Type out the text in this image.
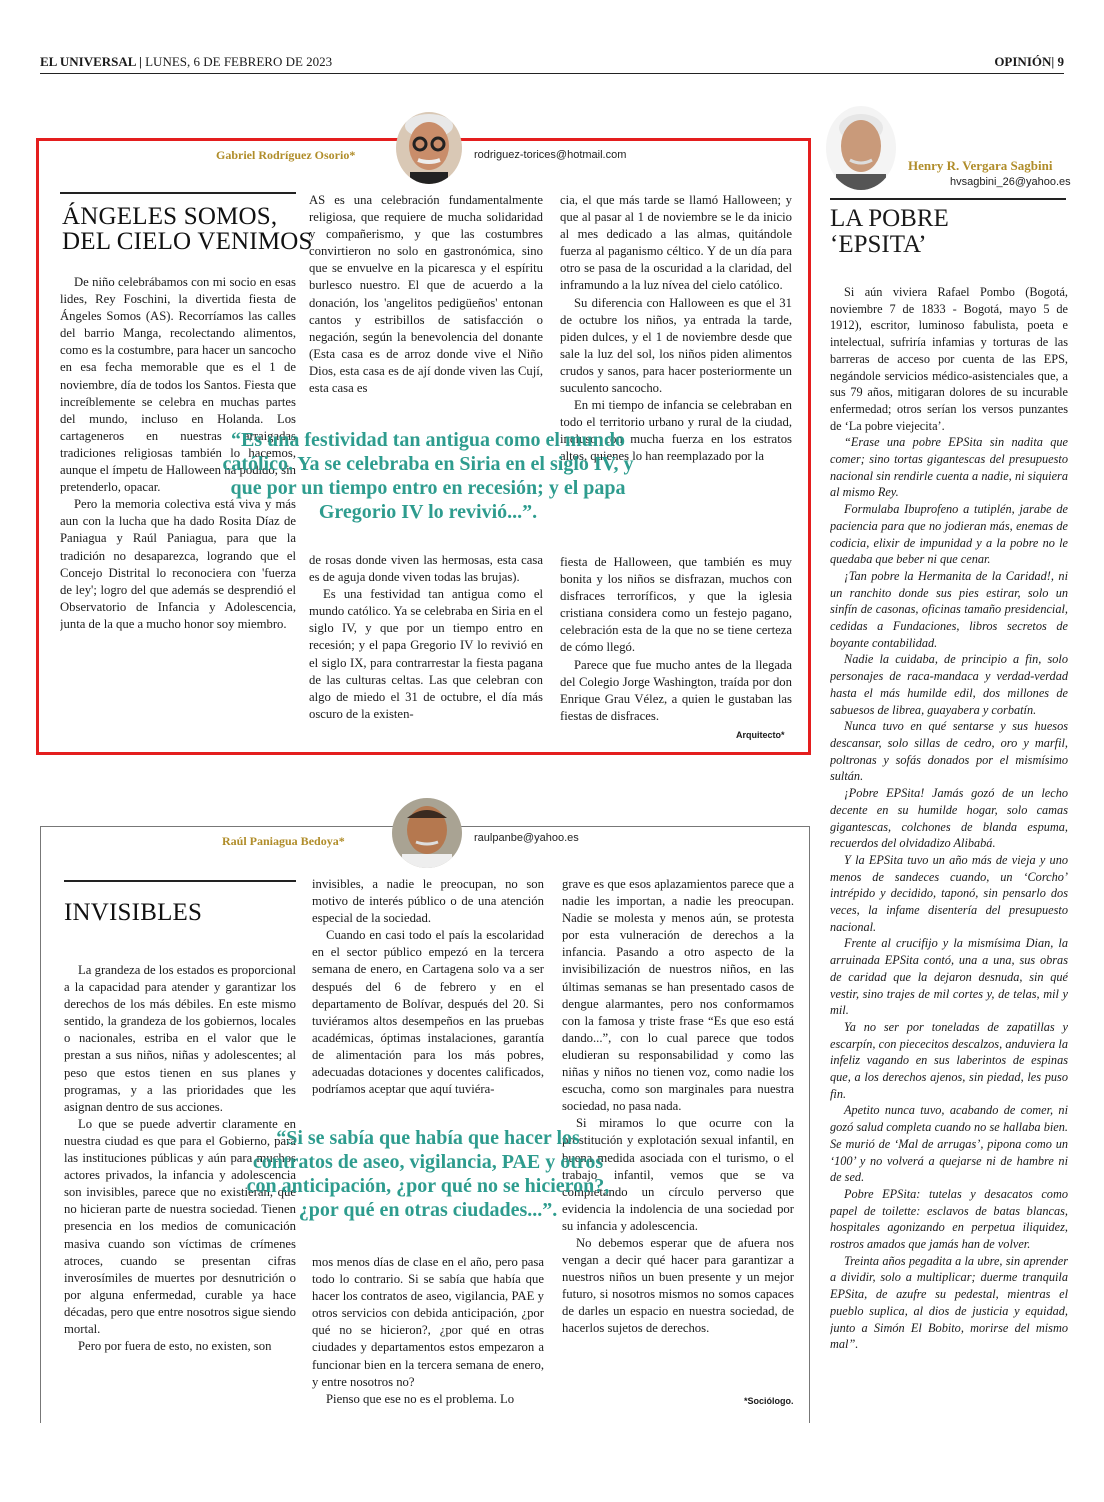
EL UNIVERSAL | LUNES, 6 DE FEBRERO DE 2023	OPINIÓN| 9
Gabriel Rodríguez Osorio*	rodriguez-torices@hotmail.com
ÁNGELES SOMOS,
DEL CIELO VENIMOS

De niño celebrábamos con mi socio en esas lides, Rey Foschini, la divertida fiesta de Ángeles Somos (AS). Recorríamos las calles del barrio Manga, recolectando alimentos, como es la costumbre, para hacer un sancocho en esa fecha memorable que es el 1 de noviembre, día de todos los Santos. Fiesta que increíblemente se celebra en muchas partes del mundo, incluso en Holanda. Los cartageneros en nuestras arraigadas tradiciones religiosas también lo hacemos, aunque el ímpetu de Halloween ha podido, sin pretenderlo, opacar.

Pero la memoria colectiva está viva y más aun con la lucha que ha dado Rosita Díaz de Paniagua y Raúl Paniagua, para que la tradición no desaparezca, logrando que el Concejo Distrital lo reconociera con 'fuerza de ley'; logro del que además se desprendió el Observatorio de Infancia y Adolescencia, junta de la que a mucho honor soy miembro.

AS es una celebración fundamentalmente religiosa, que requiere de mucha solidaridad y compañerismo, y que las costumbres convirtieron no solo en gastronómica, sino que se envuelve en la picaresca y el espíritu burlesco nuestro. El que de acuerdo a la donación, los 'angelitos pedigüeños' entonan cantos y estribillos de satisfacción o negación, según la benevolencia del donante (Esta casa es de arroz donde vive el Niño Dios, esta casa es de ají donde viven las Cují, esta casa es

de rosas donde viven las hermosas, esta casa es de aguja donde viven todas las brujas).

Es una festividad tan antigua como el mundo católico. Ya se celebraba en Siria en el siglo IV, y que por un tiempo entro en recesión; y el papa Gregorio IV lo revivió en el siglo IX, para contrarrestar la fiesta pagana de las culturas celtas. Las que celebran con algo de miedo el 31 de octubre, el día más oscuro de la existen-

cia, el que más tarde se llamó Halloween; y que al pasar al 1 de noviembre se le da inicio al mes dedicado a las almas, quitándole fuerza al paganismo céltico. Y de un día para otro se pasa de la oscuridad a la claridad, del inframundo a la luz nívea del cielo católico.

Su diferencia con Halloween es que el 31 de octubre los niños, ya entrada la tarde, piden dulces, y el 1 de noviembre desde que sale la luz del sol, los niños piden alimentos crudos y sanos, para hacer posteriormente un suculento sancocho.

En mi tiempo de infancia se celebraban en todo el territorio urbano y rural de la ciudad, incluso con mucha fuerza en los estratos altos, quienes lo han reemplazado por la

fiesta de Halloween, que también es muy bonita y los niños se disfrazan, muchos con disfraces terroríficos, y que la iglesia cristiana considera como un festejo pagano, celebración esta de la que no se tiene certeza de cómo llegó.

Parece que fue mucho antes de la llegada del Colegio Jorge Washington, traída por don Enrique Grau Vélez, a quien le gustaban las fiestas de disfraces.

“Es una festividad tan antigua como el mundo católico. Ya se celebraba en Siria en el siglo IV, y que por un tiempo entro en recesión; y el papa Gregorio IV lo revivió...”.
Arquitecto*
Raúl Paniagua Bedoya*	raulpanbe@yahoo.es
INVISIBLES

La grandeza de los estados es proporcional a la capacidad para atender y garantizar los derechos de los más débiles. En este mismo sentido, la grandeza de los gobiernos, locales o nacionales, estriba en el valor que le prestan a sus niños, niñas y adolescentes; al peso que estos tienen en sus planes y programas, y a las prioridades que les asignan dentro de sus acciones.

Lo que se puede advertir claramente en nuestra ciudad es que para el Gobierno, para las instituciones públicas y aún para muchos actores privados, la infancia y adolescencia son invisibles, parece que no existieran, que no hicieran parte de nuestra sociedad. Tienen presencia en los medios de comunicación masiva cuando son víctimas de crímenes atroces, cuando se presentan cifras inverosímiles de muertes por desnutrición o por alguna enfermedad, curable ya hace décadas, pero que entre nosotros sigue siendo mortal.

Pero por fuera de esto, no existen, son

invisibles, a nadie le preocupan, no son motivo de interés público o de una atención especial de la sociedad.

Cuando en casi todo el país la escolaridad en el sector público empezó en la tercera semana de enero, en Cartagena solo va a ser después del 6 de febrero y en el departamento de Bolívar, después del 20. Si tuviéramos altos desempeños en las pruebas académicas, óptimas instalaciones, garantía de alimentación para los más pobres, adecuadas dotaciones y docentes calificados, podríamos aceptar que aquí tuviéra-

mos menos días de clase en el año, pero pasa todo lo contrario. Si se sabía que había que hacer los contratos de aseo, vigilancia, PAE y otros servicios con debida anticipación, ¿por qué no se hicieron?, ¿por qué en otras ciudades y departamentos estos empezaron a funcionar bien en la tercera semana de enero, y entre nosotros no?

Pienso que ese no es el problema. Lo

grave es que esos aplazamientos parece que a nadie les importan, a nadie les preocupan. Nadie se molesta y menos aún, se protesta por esta vulneración de derechos a la infancia. Pasando a otro aspecto de la invisibilización de nuestros niños, en las últimas semanas se han presentado casos de dengue alarmantes, pero nos conformamos con la famosa y triste frase “Es que eso está dando...”, con lo cual parece que todos eludieran su responsabilidad y como las niñas y niños no tienen voz, como nadie los escucha, como son marginales para nuestra sociedad, no pasa nada.

Si miramos lo que ocurre con la prostitución y explotación sexual infantil, en buena medida asociada con el turismo, o el trabajo infantil, vemos que se va completando un círculo perverso que evidencia la indolencia de una sociedad por su infancia y adolescencia.

No debemos esperar que de afuera nos vengan a decir qué hacer para garantizar a nuestros niños un buen presente y un mejor futuro, si nosotros mismos no somos capaces de darles un espacio en nuestra sociedad, de hacerlos sujetos de derechos.

“Si se sabía que había que hacer los contratos de aseo, vigilancia, PAE y otros con anticipación, ¿por qué no se hicieron?, ¿por qué en otras ciudades...”.
*Sociólogo.
Henry R. Vergara Sagbini
hvsagbini_26@yahoo.es
LA POBRE
‘EPSITA’

Si aún viviera Rafael Pombo (Bogotá, noviembre 7 de 1833 - Bogotá, mayo 5 de 1912), escritor, luminoso fabulista, poeta e intelectual, sufriría infamias y torturas de las barreras de acceso por cuenta de las EPS, negándole servicios médico-asistenciales que, a sus 79 años, mitigaran dolores de su incurable enfermedad; otros serían los versos punzantes de ‘La pobre viejecita’.

“Erase una pobre EPSita sin nadita que comer; sino tortas gigantescas del presupuesto nacional sin rendirle cuenta a nadie, ni siquiera al mismo Rey.

Formulaba Ibuprofeno a tutiplén, jarabe de paciencia para que no jodieran más, enemas de codicia, elixir de impunidad y a la pobre no le quedaba que beber ni que cenar.

¡Tan pobre la Hermanita de la Caridad!, ni un ranchito donde sus pies estirar, solo un sinfín de casonas, oficinas tamaño presidencial, cedidas a Fundaciones, libros secretos de boyante contabilidad.

Nadie la cuidaba, de principio a fin, solo personajes de raca-mandaca y verdad-verdad hasta el más humilde edil, dos millones de sabuesos de librea, guayabera y corbatín.

Nunca tuvo en qué sentarse y sus huesos descansar, solo sillas de cedro, oro y marfil, poltronas y sofás donados por el mismísimo sultán.

¡Pobre EPSita! Jamás gozó de un lecho decente en su humilde hogar, solo camas gigantescas, colchones de blanda espuma, recuerdos del olvidadizo Alibabá.

Y la EPSita tuvo un año más de vieja y uno menos de sandeces cuando, un ‘Corcho’ intrépido y decidido, taponó, sin pensarlo dos veces, la infame disentería del presupuesto nacional.

Frente al crucifijo y la mismísima Dian, la arruinada EPSita contó, una a una, sus obras de caridad que la dejaron desnuda, sin qué vestir, sino trajes de mil cortes y, de telas, mil y mil.

Ya no ser por toneladas de zapatillas y escarpín, con piececitos descalzos, anduviera la infeliz vagando en sus laberintos de espinas que, a los derechos ajenos, sin piedad, les puso fin.

Apetito nunca tuvo, acabando de comer, ni gozó salud completa cuando no se hallaba bien. Se murió de ‘Mal de arrugas’, pipona como un ‘100’ y no volverá a quejarse ni de hambre ni de sed.

Pobre EPSita: tutelas y desacatos como papel de toilette: esclavos de batas blancas, hospitales agonizando en perpetua iliquidez, rostros amados que jamás han de volver.

Treinta años pegadita a la ubre, sin aprender a dividir, solo a multiplicar; duerme tranquila EPSita, de azufre su pedestal, mientras el pueblo suplica, al dios de justicia y equidad, junto a Simón El Bobito, morirse del mismo mal”.
